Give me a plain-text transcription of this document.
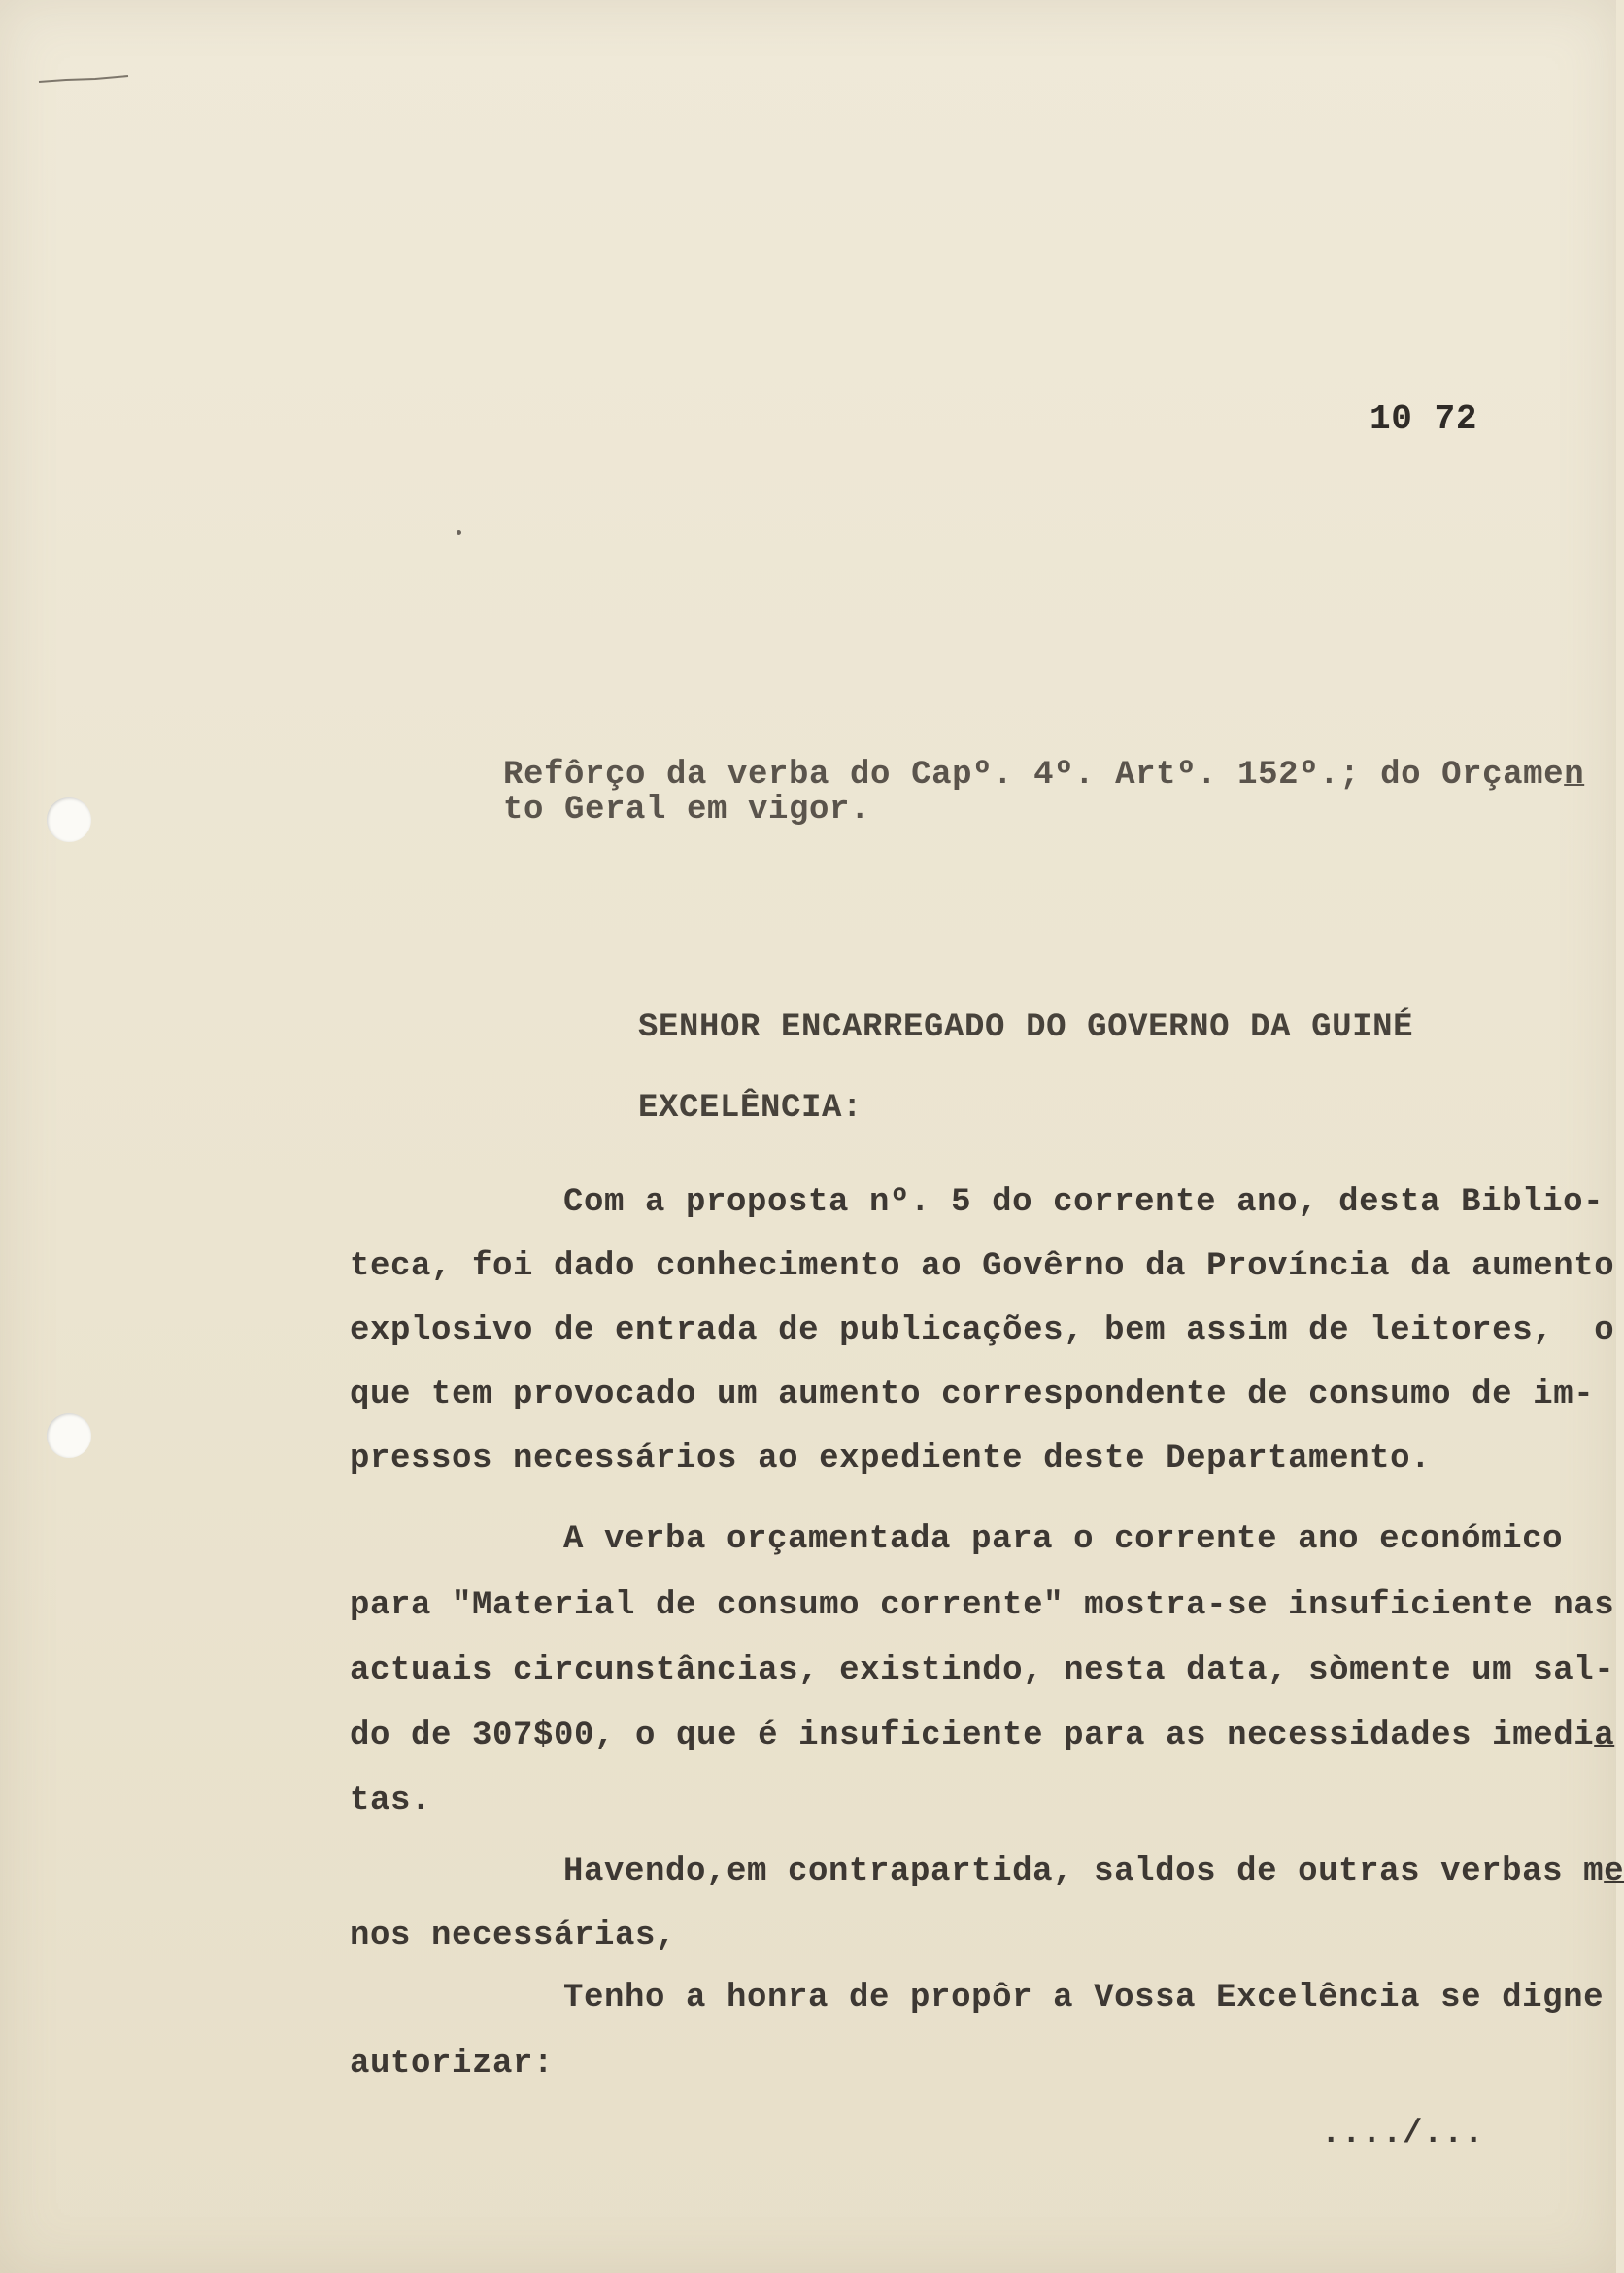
10 72
Refôrço da verba do Capº. 4º. Artº. 152º.; do Orçamen
to Geral em vigor.
SENHOR ENCARREGADO DO GOVERNO DA GUINÉ
EXCELÊNCIA:
Com a proposta nº. 5 do corrente ano, desta Biblio-
teca, foi dado conhecimento ao Govêrno da Província da aumento
explosivo de entrada de publicações, bem assim de leitores,  o
que tem provocado um aumento correspondente de consumo de im-
pressos necessários ao expediente deste Departamento.
A verba orçamentada para o corrente ano económico
para "Material de consumo corrente" mostra-se insuficiente nas
actuais circunstâncias, existindo, nesta data, sòmente um sal-
do de 307$00, o que é insuficiente para as necessidades imedia
tas.
Havendo,em contrapartida, saldos de outras verbas me
nos necessárias,
Tenho a honra de propôr a Vossa Excelência se digne
autorizar:
..../...
